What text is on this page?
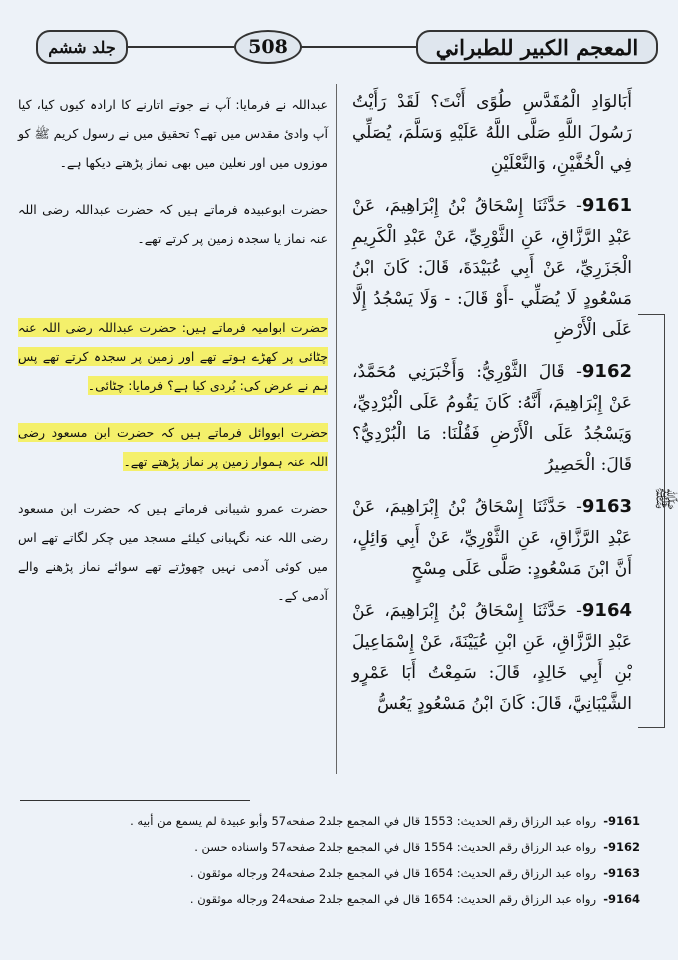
جلد ششم	508	المعجم الكبير للطبراني
ﷺ

أَبَالوَادِ الْمُقَدَّسِ طُوًى أَنْتَ؟ لَقَدْ رَأَيْتُ رَسُولَ اللَّهِ صَلَّى اللَّهُ عَلَيْهِ وَسَلَّمَ، يُصَلِّي فِي الْخُفَّيْنِ، وَالنَّعْلَيْنِ

9161- حَدَّثَنَا إِسْحَاقُ بْنُ إِبْرَاهِيمَ، عَنْ عَبْدِ الرَّزَّاقِ، عَنِ الثَّوْرِيِّ، عَنْ عَبْدِ الْكَرِيمِ الْجَزَرِيِّ، عَنْ أَبِي عُبَيْدَةَ، قَالَ: كَانَ ابْنُ مَسْعُودٍ لَا يُصَلِّي -أَوْ قَالَ: - وَلَا يَسْجُدُ إِلَّا عَلَى الْأَرْضِ

9162- قَالَ الثَّوْرِيُّ: وَأَخْبَرَنِي مُحَمَّدٌ، عَنْ إِبْرَاهِيمَ، أَنَّهُ: كَانَ يَقُومُ عَلَى الْبُرْدِيِّ، وَيَسْجُدُ عَلَى الْأَرْضِ فَقُلْنَا: مَا الْبُرْدِيُّ؟ قَالَ: الْحَصِيرُ

9163- حَدَّثَنَا إِسْحَاقُ بْنُ إِبْرَاهِيمَ، عَنْ عَبْدِ الرَّزَّاقِ، عَنِ الثَّوْرِيِّ، عَنْ أَبِي وَائِلٍ، أَنَّ ابْنَ مَسْعُودٍ: صَلَّى عَلَى مِسْحٍ

9164- حَدَّثَنَا إِسْحَاقُ بْنُ إِبْرَاهِيمَ، عَنْ عَبْدِ الرَّزَّاقِ، عَنِ ابْنِ عُيَيْنَةَ، عَنْ إِسْمَاعِيلَ بْنِ أَبِي خَالِدٍ، قَالَ: سَمِعْتُ أَبَا عَمْرٍو الشَّيْبَانِيَّ، قَالَ: كَانَ ابْنُ مَسْعُودٍ يَعُسُّ

عبداللہ نے فرمایا: آپ نے جوتے اتارنے کا ارادہ کیوں کیا، کیا آپ وادیٔ مقدس میں تھے؟ تحقیق میں نے رسول کریم ﷺ کو موزوں میں اور نعلین میں بھی نماز پڑھتے دیکھا ہے۔

حضرت ابوعبیدہ فرماتے ہیں کہ حضرت عبداللہ رضی اللہ عنہ نماز یا سجدہ زمین پر کرتے تھے۔

حضرت ابوامیہ فرماتے ہیں: حضرت عبداللہ رضی اللہ عنہ چٹائی پر کھڑے ہوتے تھے اور زمین پر سجدہ کرتے تھے پس ہم نے عرض کی: بُردی کیا ہے؟ فرمایا: چٹائی۔

حضرت ابووائل فرماتے ہیں کہ حضرت ابن مسعود رضی اللہ عنہ ہموار زمین پر نماز پڑھتے تھے۔

حضرت عمرو شیبانی فرماتے ہیں کہ حضرت ابن مسعود رضی اللہ عنہ نگہبانی کیلئے مسجد میں چکر لگاتے تھے اس میں کوئی آدمی نہیں چھوڑتے تھے سوائے نماز پڑھنے والے آدمی کے۔

9161-
رواه عبد الرزاق رقم الحديث: 1553 قال في المجمع جلد2 صفحه57 وأبو عبيدة لم يسمع من أبيه .
9162-
رواه عبد الرزاق رقم الحديث: 1554 قال في المجمع جلد2 صفحه57 واسناده حسن .
9163-
رواه عبد الرزاق رقم الحديث: 1654 قال في المجمع جلد2 صفحه24 ورجاله موثقون .
9164-
رواه عبد الرزاق رقم الحديث: 1654 قال في المجمع جلد2 صفحه24 ورجاله موثقون .
